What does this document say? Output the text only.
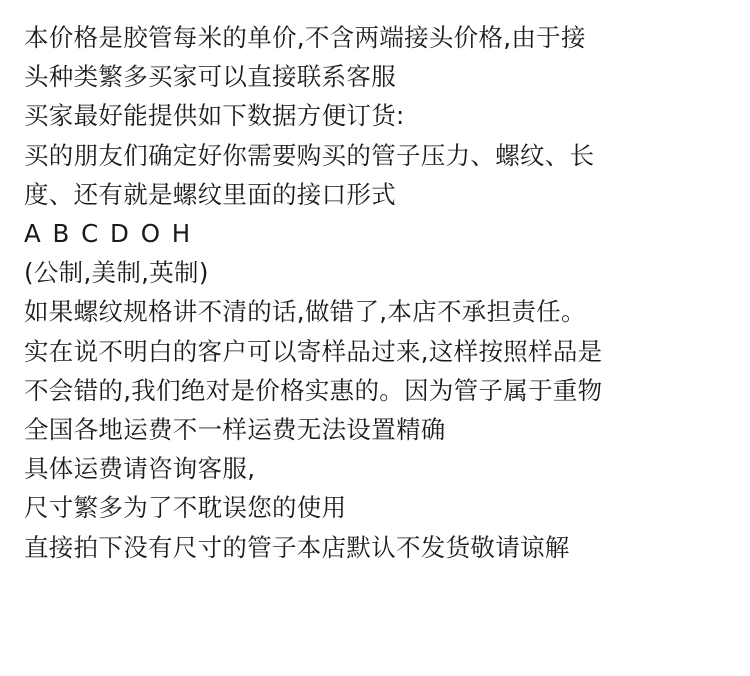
本价格是胶管每米的单价,不含两端接头价格,由于接
头种类繁多买家可以直接联系客服
买家最好能提供如下数据方便订货:
买的朋友们确定好你需要购买的管子压力、螺纹、长
度、还有就是螺纹里面的接口形式
A B C D O H
(公制,美制,英制)
如果螺纹规格讲不清的话,做错了,本店不承担责任。
实在说不明白的客户可以寄样品过来,这样按照样品是
不会错的,我们绝对是价格实惠的。因为管子属于重物
全国各地运费不一样运费无法设置精确
具体运费请咨询客服,
尺寸繁多为了不耽误您的使用
直接拍下没有尺寸的管子本店默认不发货敬请谅解
